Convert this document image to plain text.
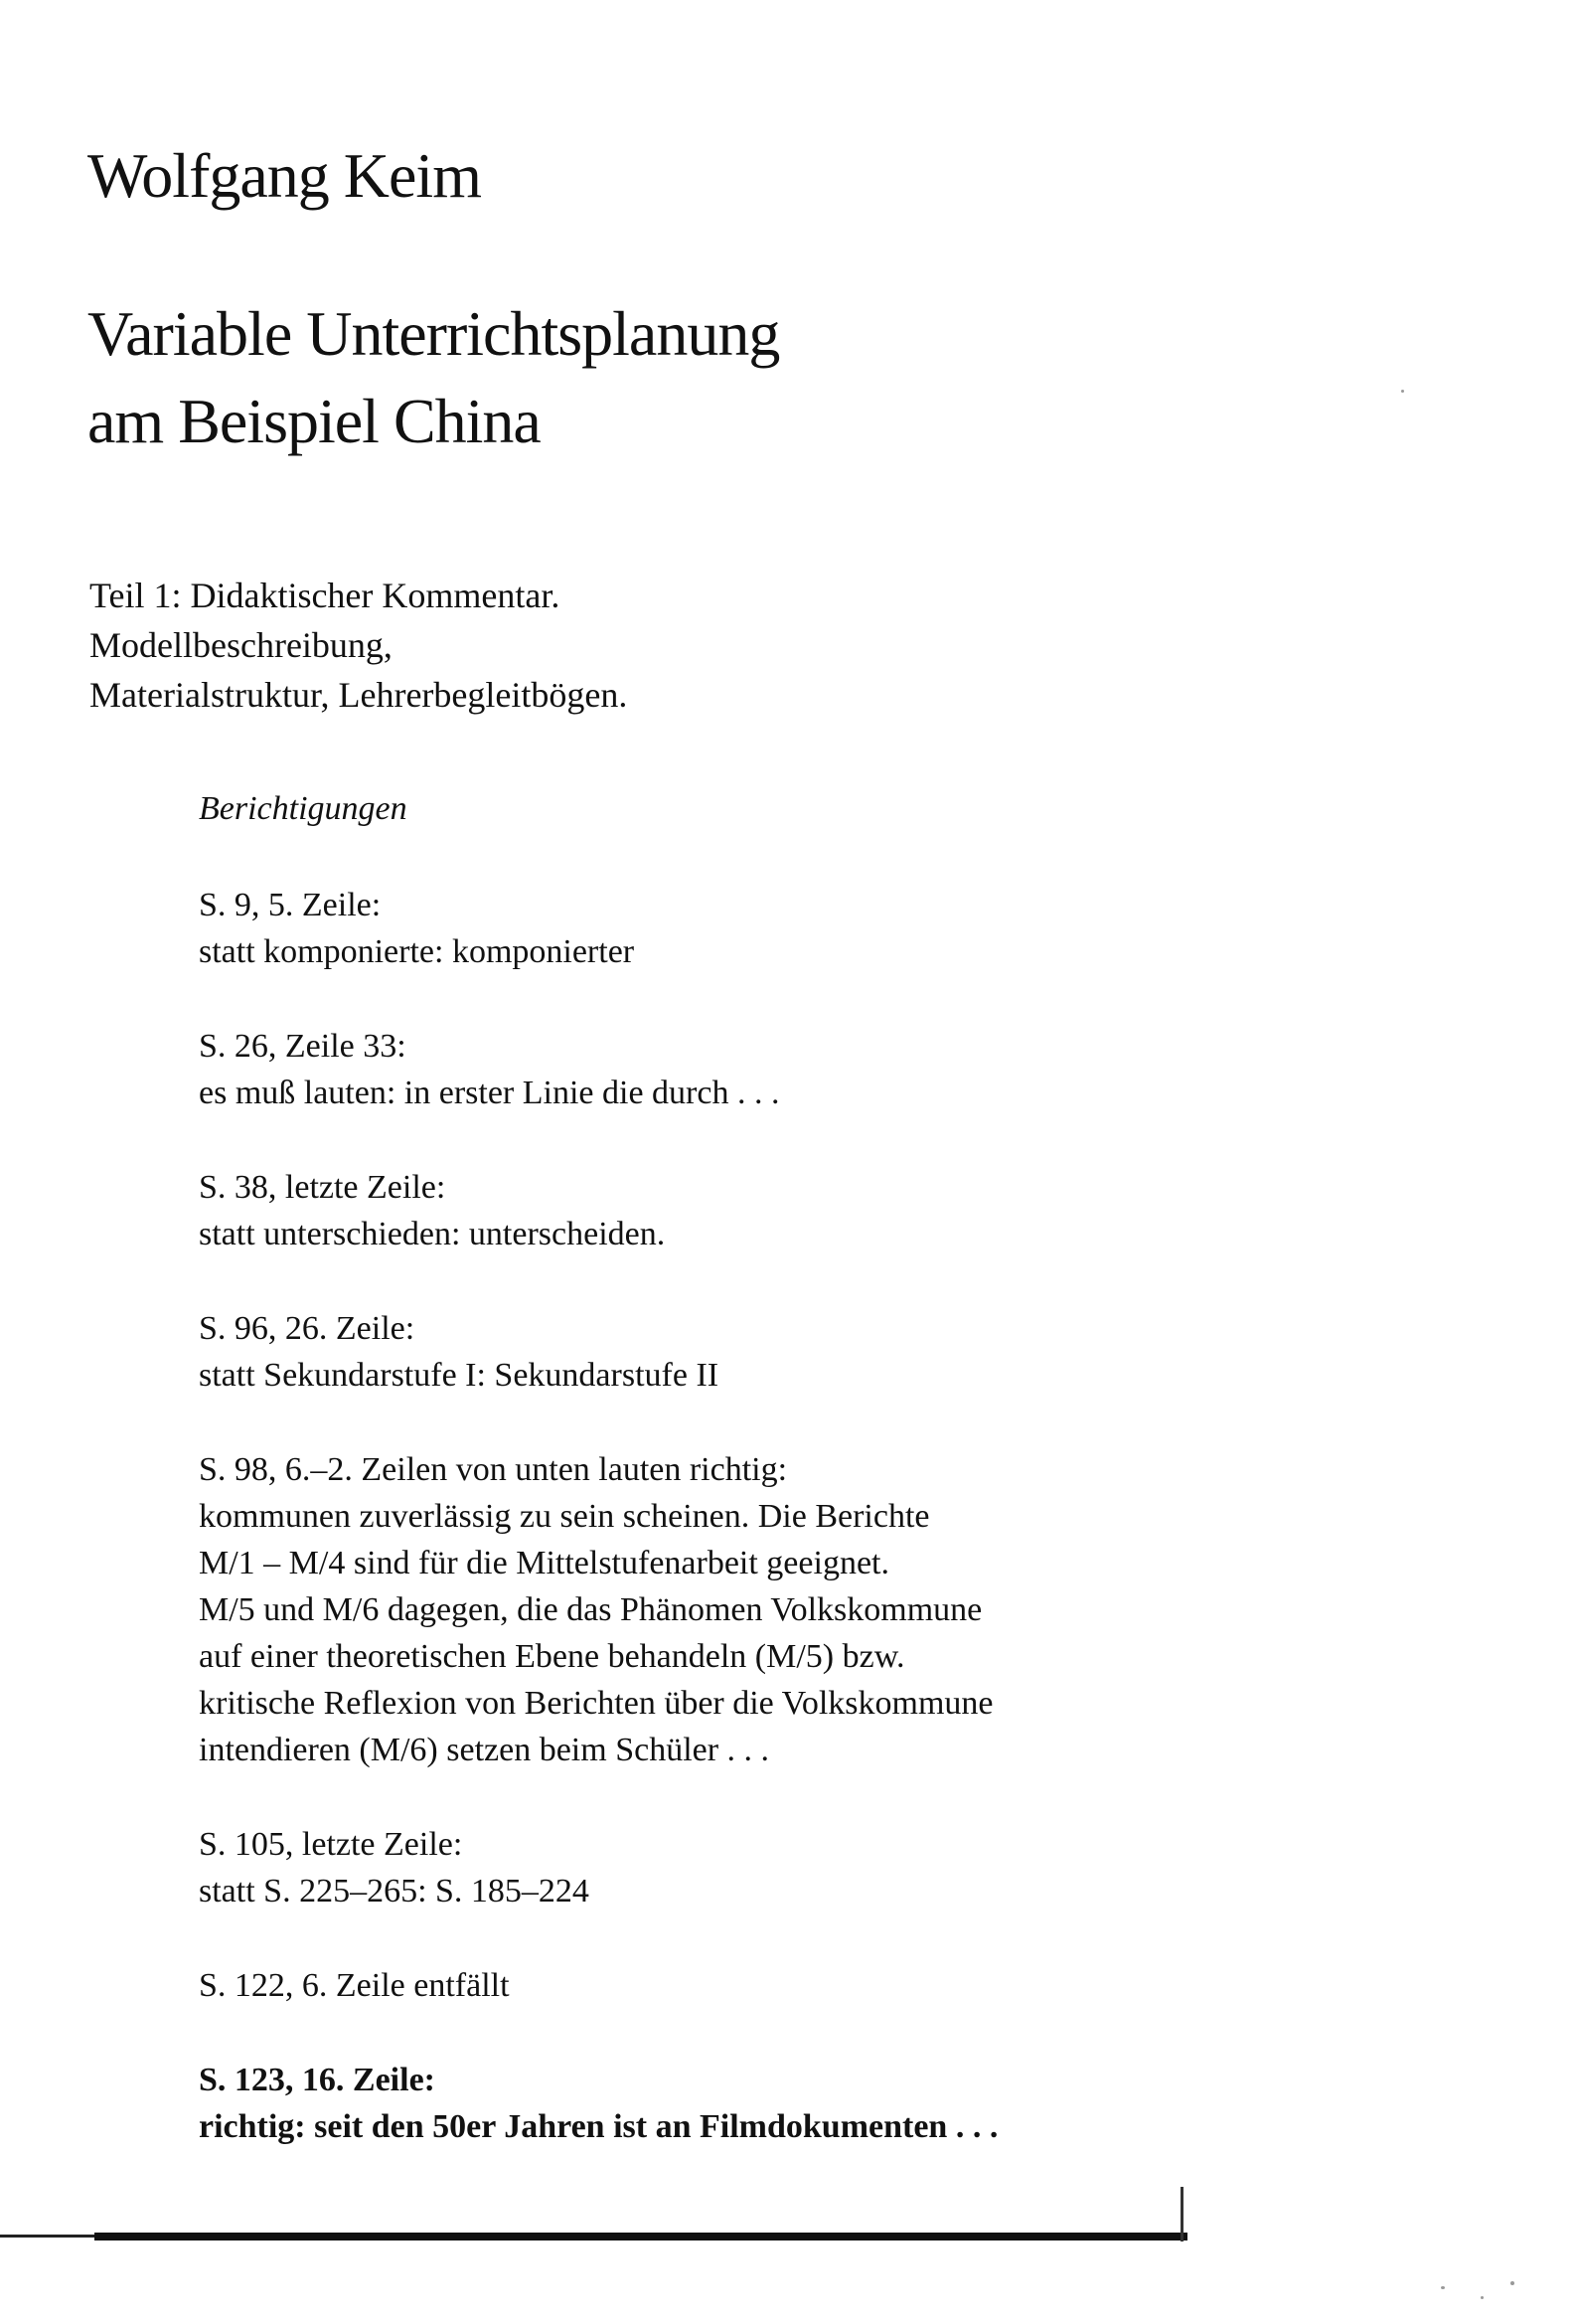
Wolfgang Keim
Variable Unterrichtsplanung
am Beispiel China
Teil 1: Didaktischer Kommentar.
Modellbeschreibung,
Materialstruktur, Lehrerbegleitbögen.
Berichtigungen

S. 9, 5. Zeile:

statt komponierte: komponierter

S. 26, Zeile 33:

es muß lauten: in erster Linie die durch . . .

S. 38, letzte Zeile:

statt unterschieden: unterscheiden.

S. 96, 26. Zeile:

statt Sekundarstufe I: Sekundarstufe II

S. 98, 6.–2. Zeilen von unten lauten richtig:

kommunen zuverlässig zu sein scheinen. Die Berichte

M/1 – M/4 sind für die Mittelstufenarbeit geeignet.

M/5 und M/6 dagegen, die das Phänomen Volkskommune

auf einer theoretischen Ebene behandeln (M/5) bzw.

kritische Reflexion von Berichten über die Volkskommune

intendieren (M/6) setzen beim Schüler . . .

S. 105, letzte Zeile:

statt S. 225–265: S. 185–224

S. 122, 6. Zeile entfällt

S. 123, 16. Zeile:

richtig: seit den 50er Jahren ist an Filmdokumenten . . .
